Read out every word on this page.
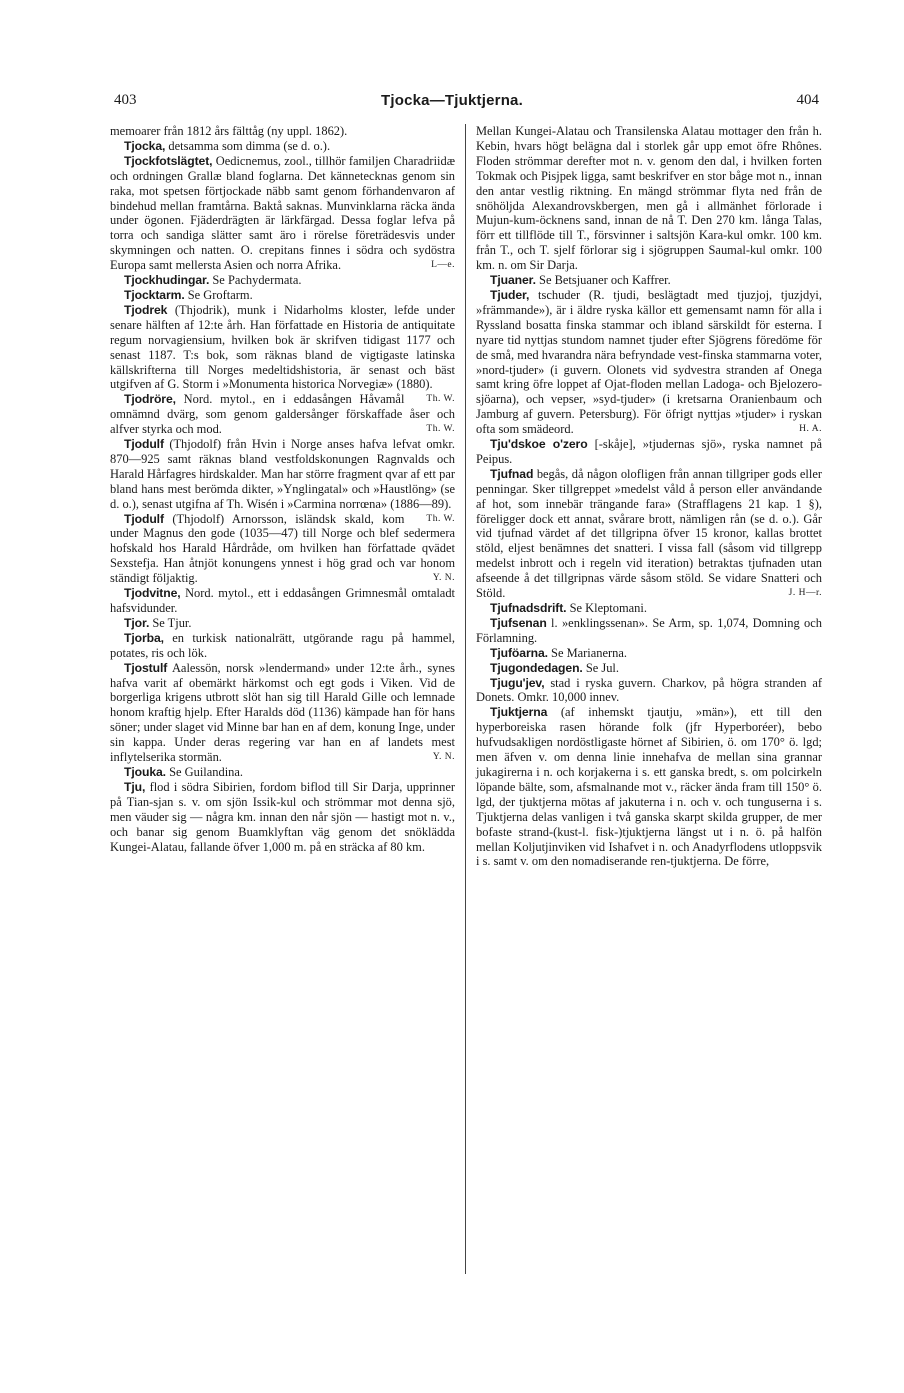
403	Tjocka—Tjuktjerna.	404

memoarer från 1812 års fälttåg (ny uppl. 1862).

Tjocka, detsamma som dimma (se d. o.).

Tjockfotslägtet, Oedicnemus, zool., tillhör familjen Charadriidæ och ordningen Grallæ bland foglarna. Det kännetecknas genom sin raka, mot spetsen förtjockade näbb samt genom förhandenvaron af bindehud mellan framtårna. Baktå saknas. Munvinklarna räcka ända under ögonen. Fjäderdrägten är lärkfärgad. Dessa foglar lefva på torra och sandiga slätter samt äro i rörelse företrädesvis under skymningen och natten. O. crepitans finnes i södra och sydöstra Europa samt mellersta Asien och norra Afrika.	L—e.

Tjockhudingar. Se Pachydermata.

Tjocktarm. Se Groftarm.

Tjodrek (Thjodrik), munk i Nidarholms kloster, lefde under senare hälften af 12:te årh. Han författade en Historia de antiquitate regum norvagiensium, hvilken bok är skrifven tidigast 1177 och senast 1187. T:s bok, som räknas bland de vigtigaste latinska källskrifterna till Norges medeltidshistoria, är senast och bäst utgifven af G. Storm i »Monumenta historica Norvegiæ» (1880).
Th. W.

Tjodröre, Nord. mytol., en i eddasången Håvamål omnämnd dvärg, som genom galdersånger förskaffade åser och alfver styrka och mod.	Th. W.

Tjodulf (Thjodolf) från Hvin i Norge anses hafva lefvat omkr. 870—925 samt räknas bland vestfoldskonungen Ragnvalds och Harald Hårfagres hirdskalder. Man har större fragment qvar af ett par bland hans mest berömda dikter, »Ynglingatal» och »Haustlöng» (se d. o.), senast utgifna af Th. Wisén i »Carmina norrœna» (1886—89).
Th. W.

Tjodulf (Thjodolf) Arnorsson, isländsk skald, kom under Magnus den gode (1035—47) till Norge och blef sedermera hofskald hos Harald Hårdråde, om hvilken han författade qvädet Sexstefja. Han åtnjöt konungens ynnest i hög grad och var honom ständigt följaktig.	Y. N.

Tjodvitne, Nord. mytol., ett i eddasången Grimnesmål omtaladt hafsvidunder.

Tjor. Se Tjur.

Tjorba, en turkisk nationalrätt, utgörande ragu på hammel, potates, ris och lök.

Tjostulf Aalessön, norsk »lendermand» under 12:te årh., synes hafva varit af obemärkt härkomst och egt gods i Viken. Vid de borgerliga krigens utbrott slöt han sig till Harald Gille och lemnade honom kraftig hjelp. Efter Haralds död (1136) kämpade han för hans söner; under slaget vid Minne bar han en af dem, konung Inge, under sin kappa. Under deras regering var han en af landets mest inflytelserika stormän.	Y. N.

Tjouka. Se Guilandina.

Tju, flod i södra Sibirien, fordom biflod till Sir Darja, upprinner på Tian-sjan s. v. om sjön Issik-kul och strömmar mot denna sjö, men väuder sig — några km. innan den når sjön — hastigt mot n. v., och banar sig genom Buamklyftan väg genom det snöklädda Kungei-Alatau, fallande öfver 1,000 m. på en sträcka af 80 km.

Mellan Kungei-Alatau och Transilenska Alatau mottager den från h. Kebin, hvars högt belägna dal i storlek går upp emot öfre Rhônes. Floden strömmar derefter mot n. v. genom den dal, i hvilken forten Tokmak och Pisjpek ligga, samt beskrifver en stor båge mot n., innan den antar vestlig riktning. En mängd strömmar flyta ned från de snöhöljda Alexandrovskbergen, men gå i allmänhet förlorade i Mujun-kum-öcknens sand, innan de nå T. Den 270 km. långa Talas, förr ett tillflöde till T., försvinner i saltsjön Kara-kul omkr. 100 km. från T., och T. sjelf förlorar sig i sjögruppen Saumal-kul omkr. 100 km. n. om Sir Darja.

Tjuaner. Se Betsjuaner och Kaffrer.

Tjuder, tschuder (R. tjudi, beslägtadt med tjuzjoj, tjuzjdyi, »främmande»), är i äldre ryska källor ett gemensamt namn för alla i Ryssland bosatta finska stammar och ibland särskildt för esterna. I nyare tid nyttjas stundom namnet tjuder efter Sjögrens föredöme för de små, med hvarandra nära befryndade vest-finska stammarna voter, »nord-tjuder» (i guvern. Olonets vid sydvestra stranden af Onega samt kring öfre loppet af Ojat-floden mellan Ladoga- och Bjelozero-sjöarna), och vepser, »syd-tjuder» (i kretsarna Oranienbaum och Jamburg af guvern. Petersburg). För öfrigt nyttjas »tjuder» i ryskan ofta som smädeord.	H. A.

Tju'dskoe o'zero [-skåje], »tjudernas sjö», ryska namnet på Peipus.

Tjufnad begås, då någon olofligen från annan tillgriper gods eller penningar. Sker tillgreppet »medelst våld å person eller användande af hot, som innebär trängande fara» (Strafflagens 21 kap. 1 §), föreligger dock ett annat, svårare brott, nämligen rån (se d. o.). Går vid tjufnad värdet af det tillgripna öfver 15 kronor, kallas brottet stöld, eljest benämnes det snatteri. I vissa fall (såsom vid tillgrepp medelst inbrott och i regeln vid iteration) betraktas tjufnaden utan afseende å det tillgripnas värde såsom stöld. Se vidare Snatteri och Stöld.	J. H—r.

Tjufnadsdrift. Se Kleptomani.

Tjufsenan l. »enklingssenan». Se Arm, sp. 1,074, Domning och Förlamning.

Tjuföarna. Se Marianerna.

Tjugondedagen. Se Jul.

Tjugu'jev, stad i ryska guvern. Charkov, på högra stranden af Donets. Omkr. 10,000 innev.

Tjuktjerna (af inhemskt tjautju, »män»), ett till den hyperboreiska rasen hörande folk (jfr Hyperboréer), bebo hufvudsakligen nordöstligaste hörnet af Sibirien, ö. om 170° ö. lgd; men äfven v. om denna linie innehafva de mellan sina grannar jukagirerna i n. och korjakerna i s. ett ganska bredt, s. om polcirkeln löpande bälte, som, afsmalnande mot v., räcker ända fram till 150° ö. lgd, der tjuktjerna mötas af jakuterna i n. och v. och tunguserna i s. Tjuktjerna delas vanligen i två ganska skarpt skilda grupper, de mer bofaste strand-(kust-l. fisk-)tjuktjerna längst ut i n. ö. på halfön mellan Koljutjinviken vid Ishafvet i n. och Anadyrflodens utloppsvik i s. samt v. om den nomadiserande ren-tjuktjerna. De förre,
